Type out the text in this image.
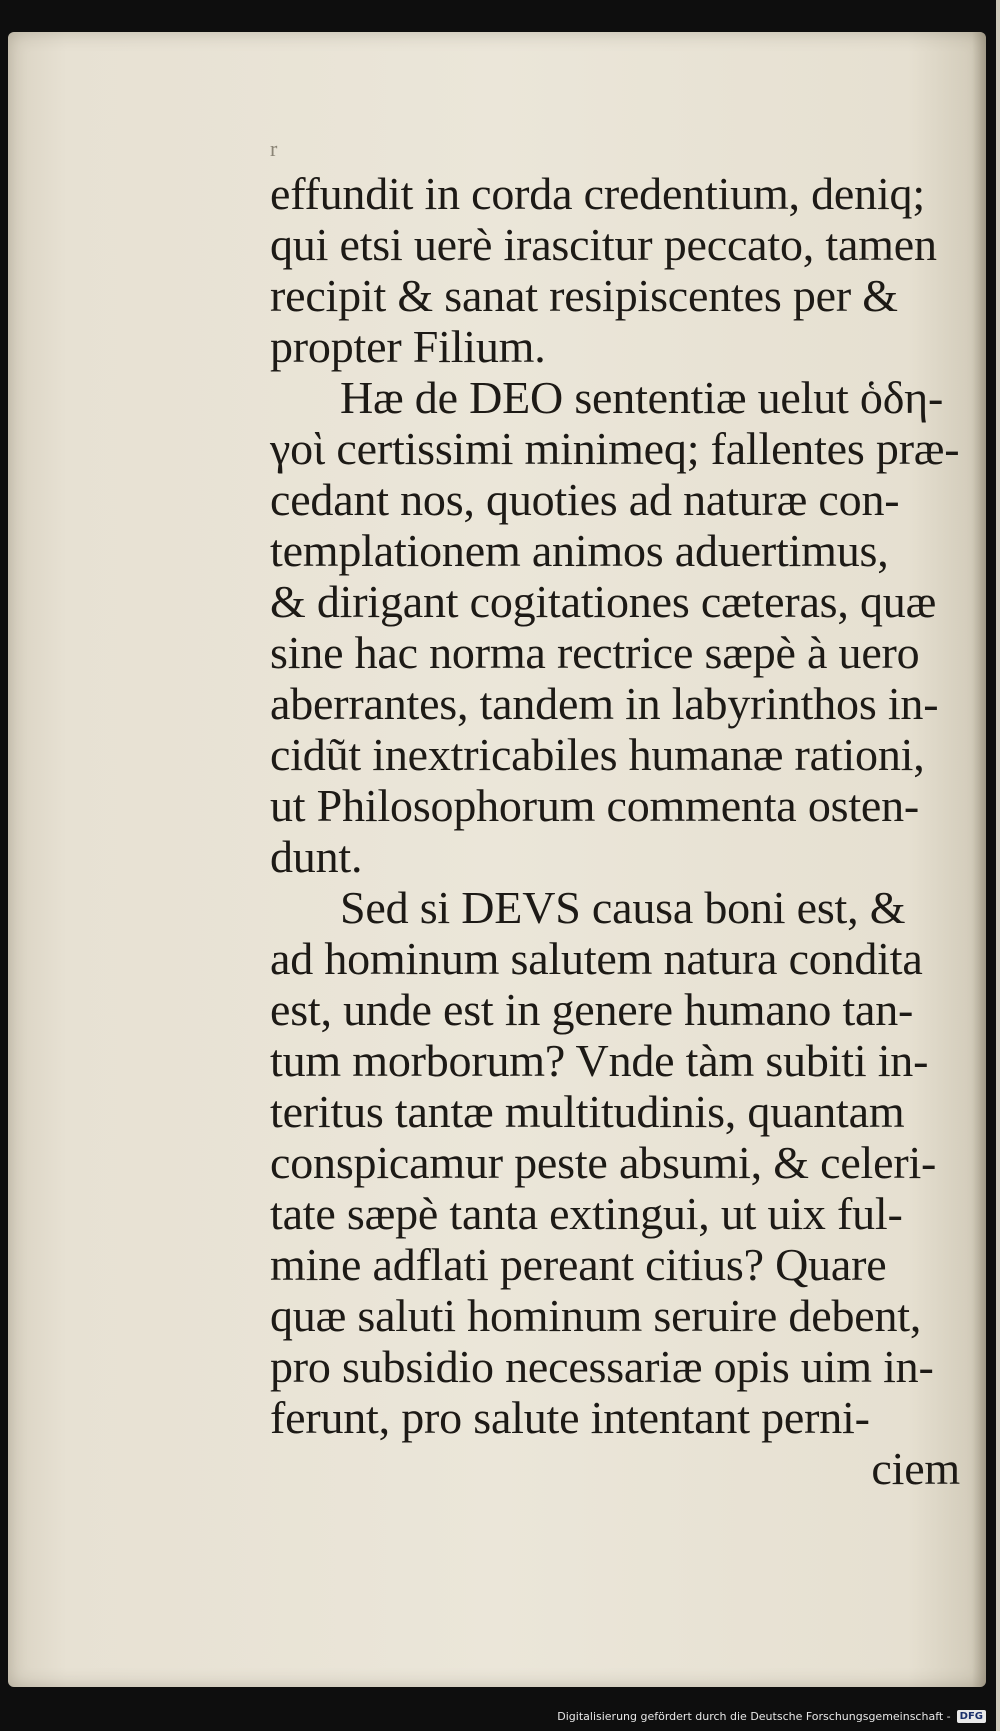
r
effundit in corda credentium, deniq;
qui etsi uerè irascitur peccato, tamen
recipit & sanat resipiscentes per &
propter Filium.
Hæ de DEO sententiæ uelut ὁδη-
γοὶ certissimi minimeq; fallentes præ-
cedant nos, quoties ad naturæ con-
templationem animos aduertimus,
& dirigant cogitationes cæteras, quæ
sine hac norma rectrice sæpè à uero
aberrantes, tandem in labyrinthos in-
cidũt inextricabiles humanæ rationi,
ut Philosophorum commenta osten-
dunt.
Sed si DEVS causa boni est, &
ad hominum salutem natura condita
est, unde est in genere humano tan-
tum morborum? Vnde tàm subiti in-
teritus tantæ multitudinis, quantam
conspicamur peste absumi, & celeri-
tate sæpè tanta extingui, ut uix ful-
mine adflati pereant citius? Quare
quæ saluti hominum seruire debent,
pro subsidio necessariæ opis uim in-
ferunt, pro salute intentant perni-
ciem
Digitalisierung gefördert durch die Deutsche Forschungsgemeinschaft - DFG
